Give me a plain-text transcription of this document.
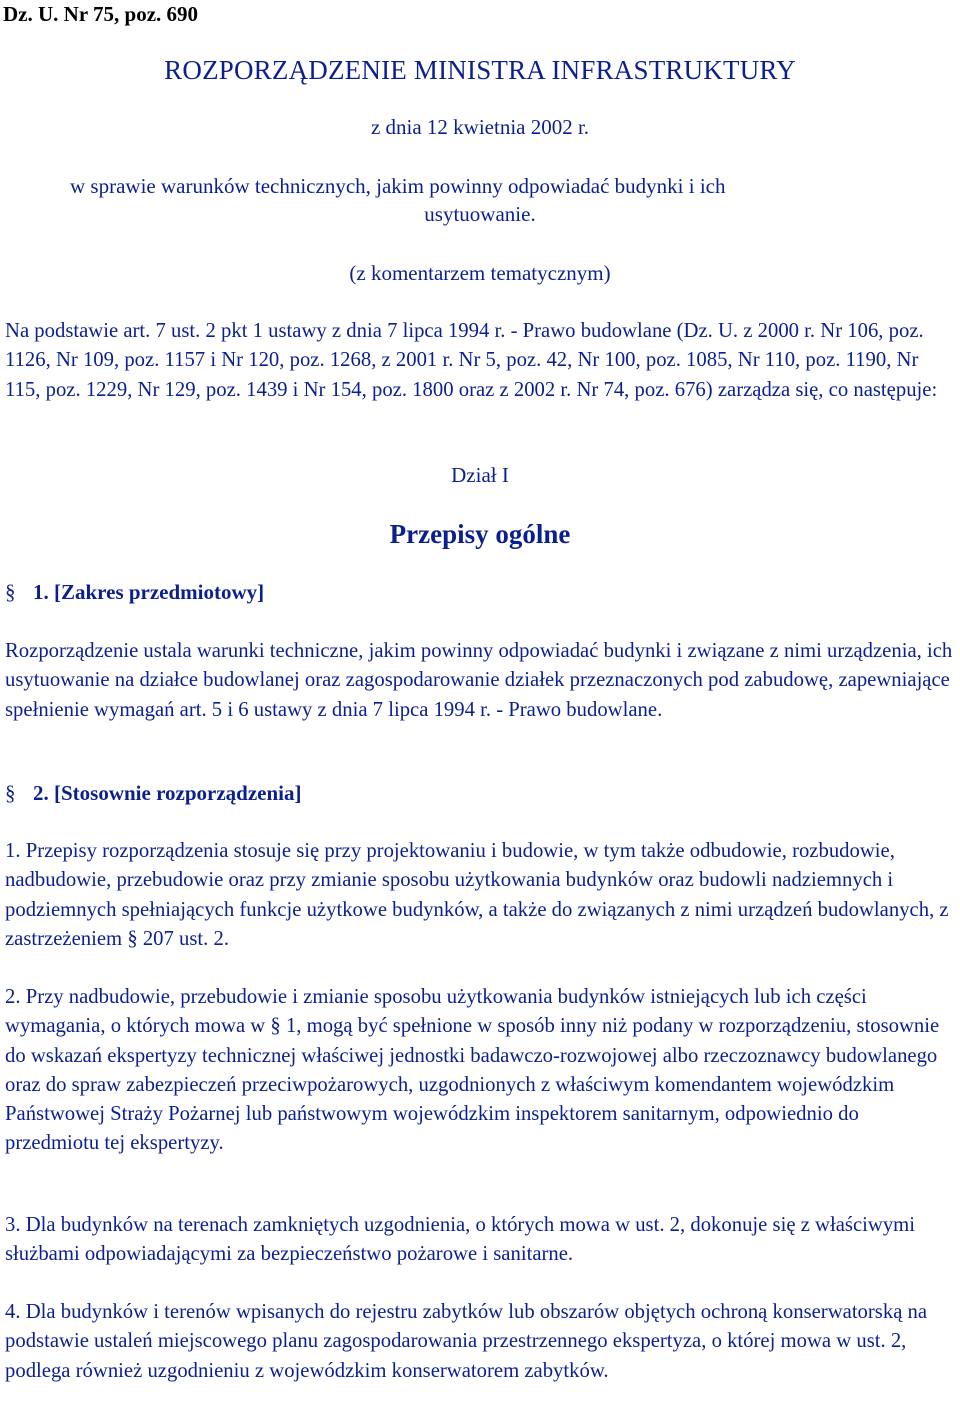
Dz. U. Nr 75, poz. 690
ROZPORZĄDZENIE MINISTRA INFRASTRUKTURY
z dnia 12 kwietnia 2002 r.
w sprawie warunków technicznych, jakim powinny odpowiadać budynki i ich
usytuowanie.
(z komentarzem tematycznym)

Na podstawie art. 7 ust. 2 pkt 1 ustawy z dnia 7 lipca 1994 r. - Prawo budowlane (Dz. U. z 2000 r. Nr 106, poz. 1126, Nr 109, poz. 1157 i Nr 120, poz. 1268, z 2001 r. Nr 5, poz. 42, Nr 100, poz. 1085, Nr 110, poz. 1190, Nr 115, poz. 1229, Nr 129, poz. 1439 i Nr 154, poz. 1800 oraz z 2002 r. Nr 74, poz. 676) zarządza się, co następuje:

Dział I
Przepisy ogólne
§ 1. [Zakres przedmiotowy]

Rozporządzenie ustala warunki techniczne, jakim powinny odpowiadać budynki i związane z nimi urządzenia, ich usytuowanie na działce budowlanej oraz zagospodarowanie działek przeznaczonych pod zabudowę, zapewniające spełnienie wymagań art. 5 i 6 ustawy z dnia 7 lipca 1994 r. - Prawo budowlane.

§ 2. [Stosownie rozporządzenia]

1. Przepisy rozporządzenia stosuje się przy projektowaniu i budowie, w tym także odbudowie, rozbudowie, nadbudowie, przebudowie oraz przy zmianie sposobu użytkowania budynków oraz budowli nadziemnych i podziemnych spełniających funkcje użytkowe budynków, a także do związanych z nimi urządzeń budowlanych, z zastrzeżeniem § 207 ust. 2.

2. Przy nadbudowie, przebudowie i zmianie sposobu użytkowania budynków istniejących lub ich części wymagania, o których mowa w § 1, mogą być spełnione w sposób inny niż podany w rozporządzeniu, stosownie do wskazań ekspertyzy technicznej właściwej jednostki badawczo-rozwojowej albo rzeczoznawcy budowlanego oraz do spraw zabezpieczeń przeciwpożarowych, uzgodnionych z właściwym komendantem wojewódzkim Państwowej Straży Pożarnej lub państwowym wojewódzkim inspektorem sanitarnym, odpowiednio do przedmiotu tej ekspertyzy.

3. Dla budynków na terenach zamkniętych uzgodnienia, o których mowa w ust. 2, dokonuje się z właściwymi służbami odpowiadającymi za bezpieczeństwo pożarowe i sanitarne.

4. Dla budynków i terenów wpisanych do rejestru zabytków lub obszarów objętych ochroną konserwatorską na podstawie ustaleń miejscowego planu zagospodarowania przestrzennego ekspertyza, o której mowa w ust. 2, podlega również uzgodnieniu z wojewódzkim konserwatorem zabytków.
